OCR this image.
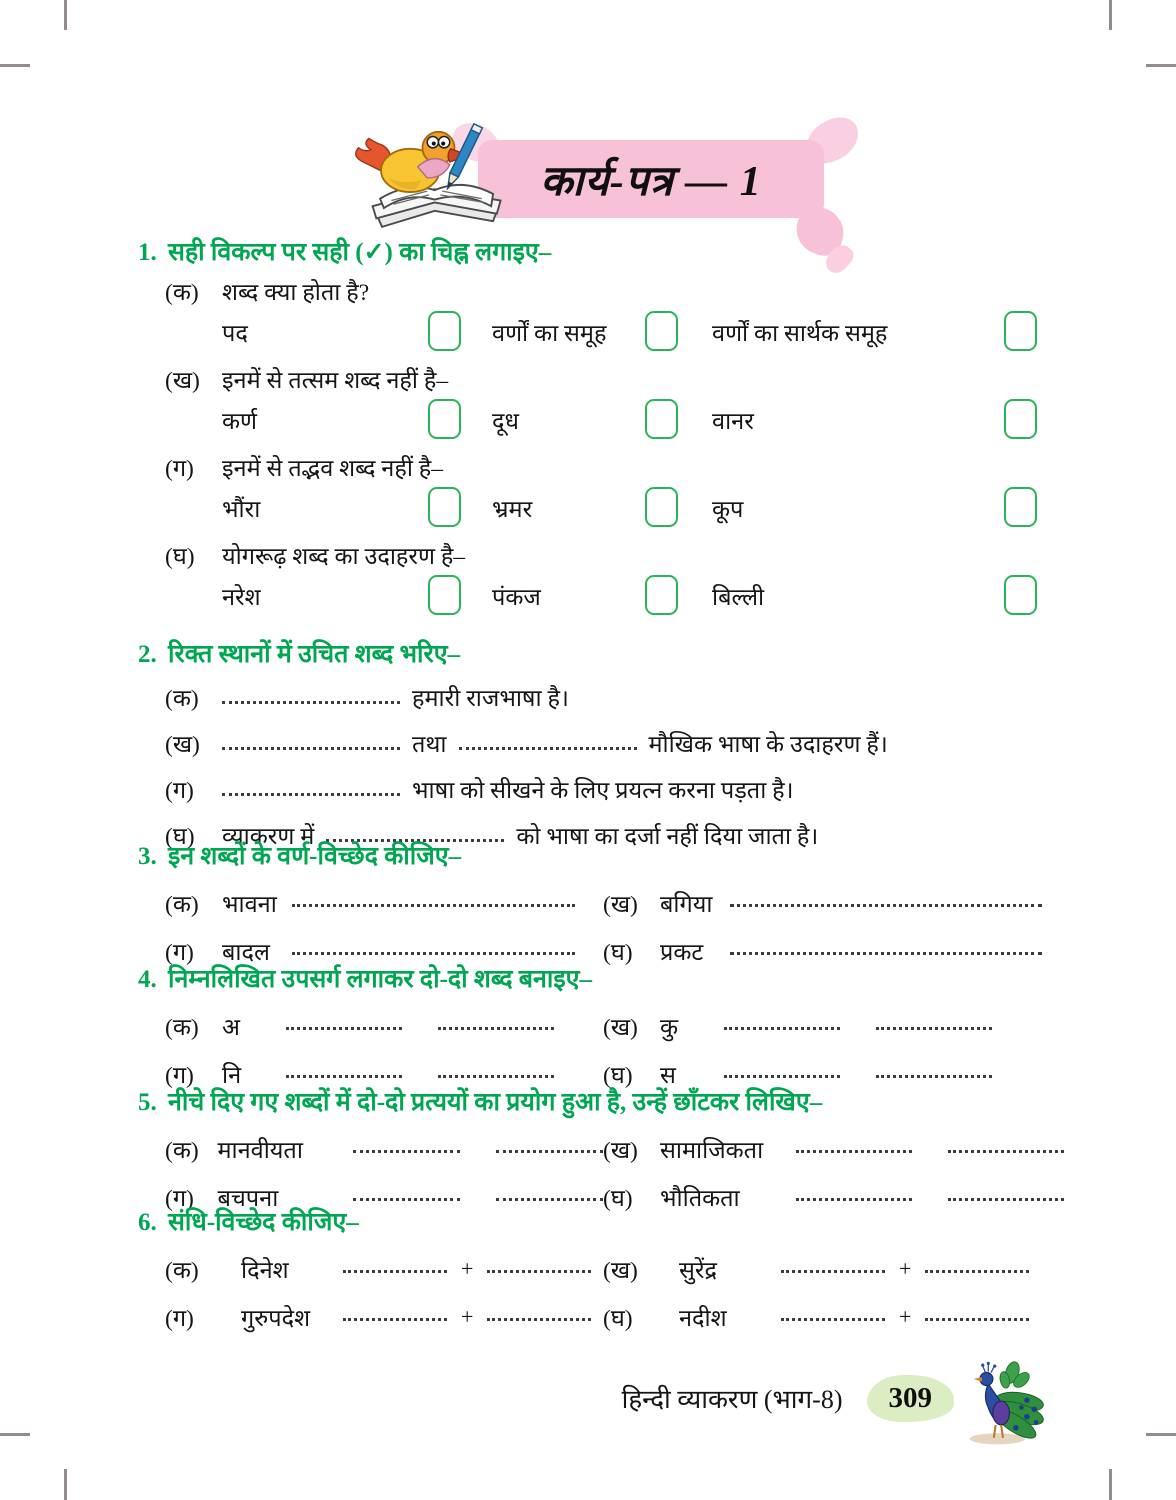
कार्य-पत्र — 1
1. सही विकल्प पर सही (✓) का चिह्न लगाइए–
(क) शब्द क्या होता है?
पद	वर्णों का समूह	वर्णों का सार्थक समूह
(ख) इनमें से तत्सम शब्द नहीं है–
कर्ण	दूध	वानर
(ग) इनमें से तद्भव शब्द नहीं है–
भौंरा	भ्रमर	कूप
(घ) योगरूढ़ शब्द का उदाहरण है–
नरेश	पंकज	बिल्ली
2. रिक्त स्थानों में उचित शब्द भरिए–
(क)	हमारी राजभाषा है।
(ख)	तथा	मौखिक भाषा के उदाहरण हैं।
(ग)	भाषा को सीखने के लिए प्रयत्न करना पड़ता है।
(घ) व्याकरण में	को भाषा का दर्जा नहीं दिया जाता है।
3. इन शब्दों के वर्ण-विच्छेद कीजिए–
(क) भावना	(ख) बगिया
(ग)	बादल	(घ)	प्रकट
4. निम्नलिखित उपसर्ग लगाकर दो-दो शब्द बनाइए–
(क) अ	(ख) कु
(ग)	नि	(घ)	स
5. नीचे दिए गए शब्दों में दो-दो प्रत्ययों का प्रयोग हुआ है, उन्हें छाँटकर लिखिए–
(क) मानवीयता	(ख) सामाजिकता
(ग)	बचपना	(घ)	भौतिकता
6. संधि-विच्छेद कीजिए–
(क)	दिनेश	+	(ख)	सुरेंद्र	+
(ग)	गुरुपदेश	+	(घ)	नदीश	+
हिन्दी व्याकरण (भाग-8)	309
